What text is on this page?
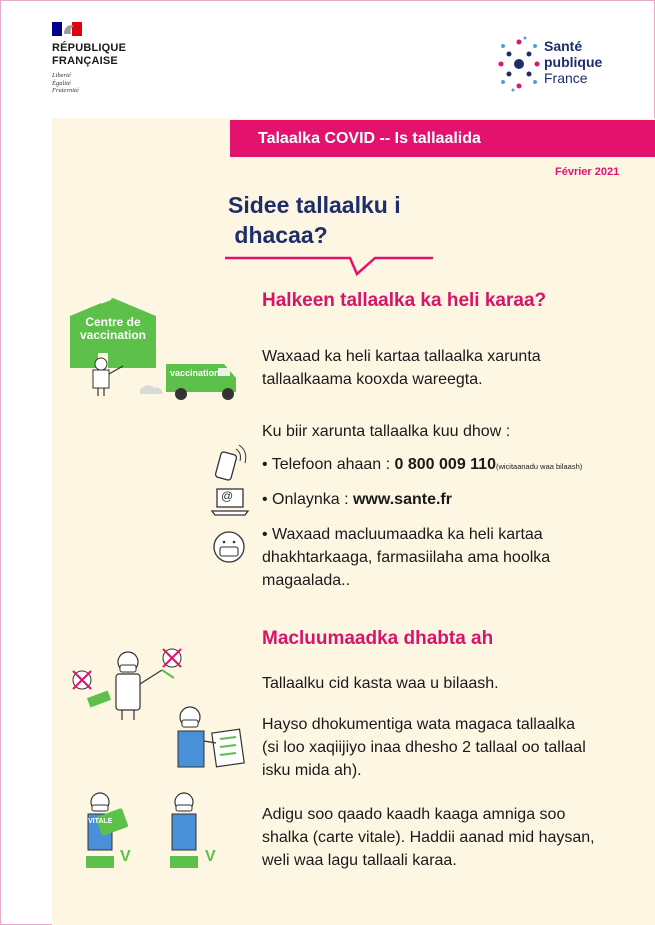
RÉPUBLIQUE
FRANÇAISE
Liberté
Égalité
Fraternité
Santé
publique
France
Talaalka COVID -- Is tallaalida
Février 2021
Sidee tallaalku i
dhacaa?
Halkeen tallaalka ka heli karaa?
Centre de
vaccination
vaccination
Waxaad ka heli kartaa tallaalka xarunta
tallaalkaama kooxda wareegta.
Ku biir xarunta tallaalka kuu dhow :
• Telefoon ahaan : 0 800 009 110(wicitaanadu waa bilaash)
@ • Onlaynka : www.sante.fr
• Waxaad macluumaadka ka heli kartaa
dhakhtarkaaga, farmasiilaha ama hoolka
magaalada..
Macluumaadka dhabta ah
VITALE
V	V
Tallaalku cid kasta waa u bilaash.
Hayso dhokumentiga wata magaca tallaalka
(si loo xaqiijiyo inaa dhesho 2 tallaal oo tallaal
isku mida ah).
Adigu soo qaado kaadh kaaga amniga soo
shalka (carte vitale). Haddii aanad mid haysan,
weli waa lagu tallaali karaa.
